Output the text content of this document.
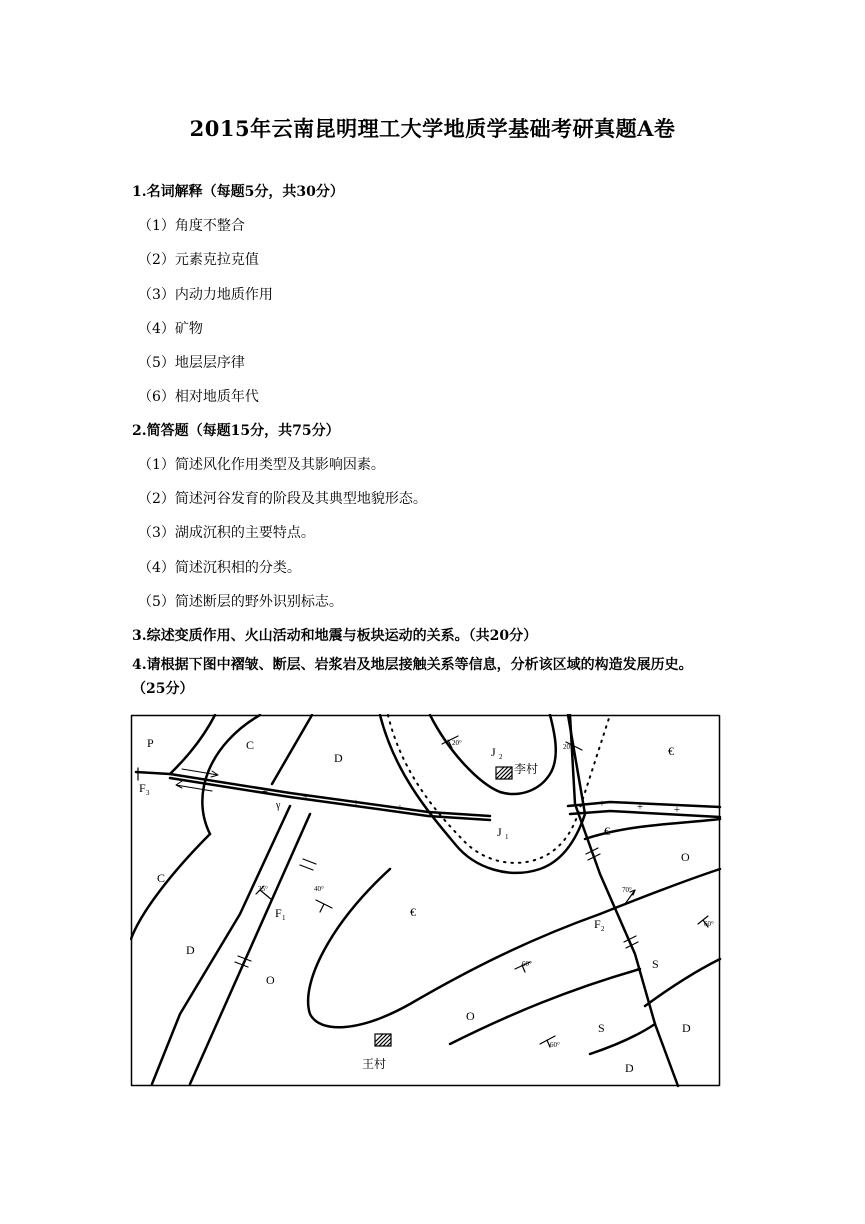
2015年云南昆明理工大学地质学基础考研真题A卷
1.名词解释（每题5分，共30分）
（1）角度不整合
（2）元素克拉克值
（3）内动力地质作用
（4）矿物
（5）地层层序律
（6）相对地质年代
2.简答题（每题15分，共75分）
（1）简述风化作用类型及其影响因素。
（2）简述河谷发育的阶段及其典型地貌形态。
（3）湖成沉积的主要特点。
（4）简述沉积相的分类。
（5）简述断层的野外识别标志。
3.综述变质作用、火山活动和地震与板块运动的关系。（共20分）
4.请根据下图中褶皱、断层、岩浆岩及地层接触关系等信息，分析该区域的构造发展历史。
（25分）
+	+	+	+	+	+	+
P	C
D
C
D
O
€
€
€
O
S
O
S	D
D
J 2
J 1
F 3
F 1	F 2
γ
20°	20°
35°	40°	70°
60°
60°
60°
李村
王村
